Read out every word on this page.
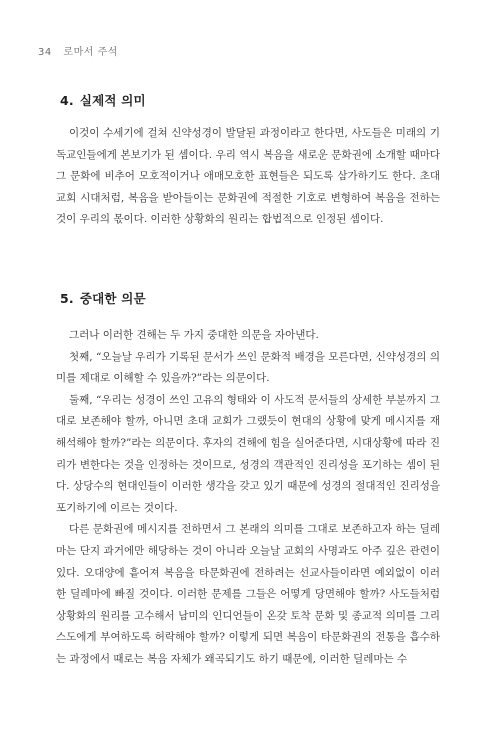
34 로마서 주석
4. 실제적 의미

이것이 수세기에 걸쳐 신약성경이 발달된 과정이라고 한다면, 사도들은 미래의 기독교인들에게 본보기가 된 셈이다. 우리 역시 복음을 새로운 문화권에 소개할 때마다 그 문화에 비추어 모호적이거나 애매모호한 표현들은 되도록 삼가하기도 한다. 초대 교회 시대처럼, 복음을 받아들이는 문화권에 적절한 기호로 변형하여 복음을 전하는 것이 우리의 몫이다. 이러한 상황화의 원리는 합법적으로 인정된 셈이다.

5. 중대한 의문

그러나 이러한 견해는 두 가지 중대한 의문을 자아낸다.

첫째, “오늘날 우리가 기록된 문서가 쓰인 문화적 배경을 모른다면, 신약성경의 의미를 제대로 이해할 수 있을까?”라는 의문이다.

둘째, “우리는 성경이 쓰인 고유의 형태와 이 사도적 문서들의 상세한 부분까지 그대로 보존해야 할까, 아니면 초대 교회가 그랬듯이 현대의 상황에 맞게 메시지를 재해석해야 할까?”라는 의문이다. 후자의 견해에 힘을 실어준다면, 시대상황에 따라 진리가 변한다는 것을 인정하는 것이므로, 성경의 객관적인 진리성을 포기하는 셈이 된다. 상당수의 현대인들이 이러한 생각을 갖고 있기 때문에 성경의 절대적인 진리성을 포기하기에 이르는 것이다.

다른 문화권에 메시지를 전하면서 그 본래의 의미를 그대로 보존하고자 하는 딜레마는 단지 과거에만 해당하는 것이 아니라 오늘날 교회의 사명과도 아주 깊은 관련이 있다. 오대양에 흩어져 복음을 타문화권에 전하려는 선교사들이라면 예외없이 이러한 딜레마에 빠질 것이다. 이러한 문제를 그들은 어떻게 당면해야 할까? 사도들처럼 상황화의 원리를 고수해서 남미의 인디언들이 온갖 토착 문화 및 종교적 의미를 그리스도에게 부여하도록 허락해야 할까? 이렇게 되면 복음이 타문화권의 전통을 흡수하는 과정에서 때로는 복음 자체가 왜곡되기도 하기 때문에, 이러한 딜레마는 수
